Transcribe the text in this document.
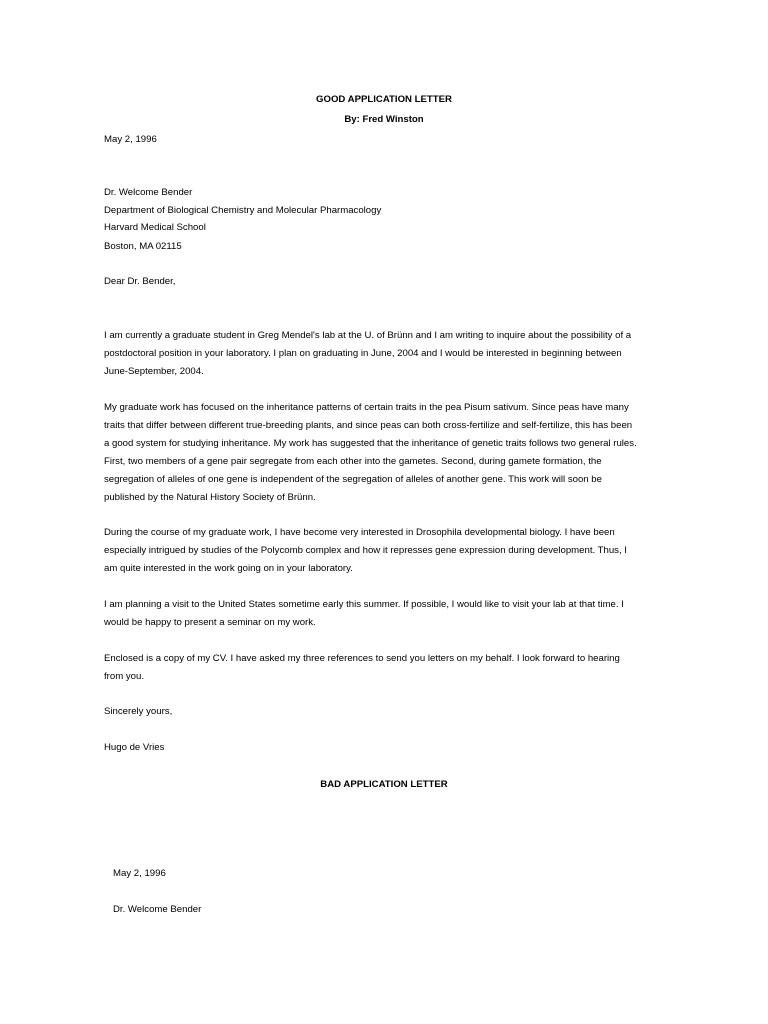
GOOD APPLICATION LETTER
By: Fred Winston
May 2, 1996
Dr. Welcome Bender
Department of Biological Chemistry and Molecular Pharmacology
Harvard Medical School
Boston, MA 02115
Dear Dr. Bender,
I am currently a graduate student in Greg Mendel's lab at the U. of Brünn and I am writing to inquire about the possibility of a
postdoctoral position in your laboratory. I plan on graduating in June, 2004 and I would be interested in beginning between
June-September, 2004.
My graduate work has focused on the inheritance patterns of certain traits in the pea Pisum sativum. Since peas have many
traits that differ between different true-breeding plants, and since peas can both cross-fertilize and self-fertilize, this has been
a good system for studying inheritance. My work has suggested that the inheritance of genetic traits follows two general rules.
First, two members of a gene pair segregate from each other into the gametes. Second, during gamete formation, the
segregation of alleles of one gene is independent of the segregation of alleles of another gene. This work will soon be
published by the Natural History Society of Brünn.
During the course of my graduate work, I have become very interested in Drosophila developmental biology. I have been
especially intrigued by studies of the Polycomb complex and how it represses gene expression during development. Thus, I
am quite interested in the work going on in your laboratory.
I am planning a visit to the United States sometime early this summer. If possible, I would like to visit your lab at that time. I
would be happy to present a seminar on my work.
Enclosed is a copy of my CV. I have asked my three references to send you letters on my behalf. I look forward to hearing
from you.
Sincerely yours,
Hugo de Vries
BAD APPLICATION LETTER
May 2, 1996
Dr. Welcome Bender
